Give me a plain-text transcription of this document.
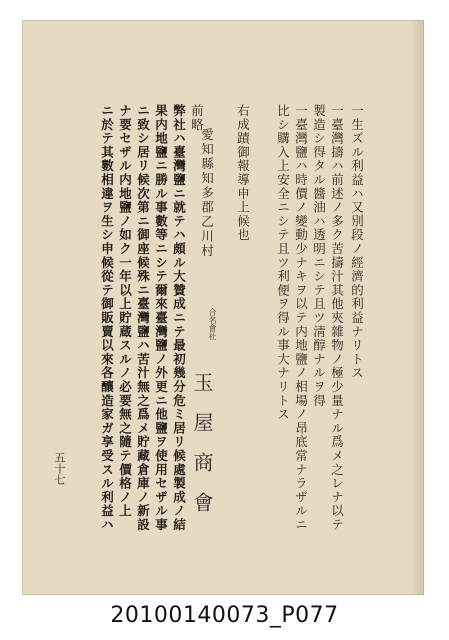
一生ズル利益ハ又別段ノ經濟的利益ナリトス
一臺灣擣ハ前述ノ多ク苦擣汁其他夾雜物ノ極少量ナル爲メ之レナ以テ
製造シ得タル醬油ハ透明ニシテ且ツ淸醇ナルヲ得
一臺灣鹽ハ時價ノ變動少ナキヲ以テ内地鹽ノ相場ノ昂底常ナラザルニ
比シ購入上安全ニシテ且ツ利便ヲ得ル事大ナリトス
右成蹟御報導申上候也
愛知縣知多郡乙川村
前略
弊社ハ臺灣鹽ニ就テハ頗ル大贊成ニテ最初幾分危ミ居リ候處製成ノ結
果内地鹽ニ勝ル事數等ニシテ爾來臺灣鹽ノ外更ニ他鹽ヲ使用セザル事
ニ致シ居リ候次第ニ御座候殊ニ臺灣鹽ハ苦汁無之爲メ貯藏倉庫ノ新設
ナ要セザル内地鹽ノ如ク一年以上貯蔵スルノ必要無之隨テ價格ノ上
ニ於テ其數相違ヲ生シ申候從テ御販賣以來各釀造家ガ享受スル利益ハ	合名會社
玉屋商會
五十七
20100140073_P077
